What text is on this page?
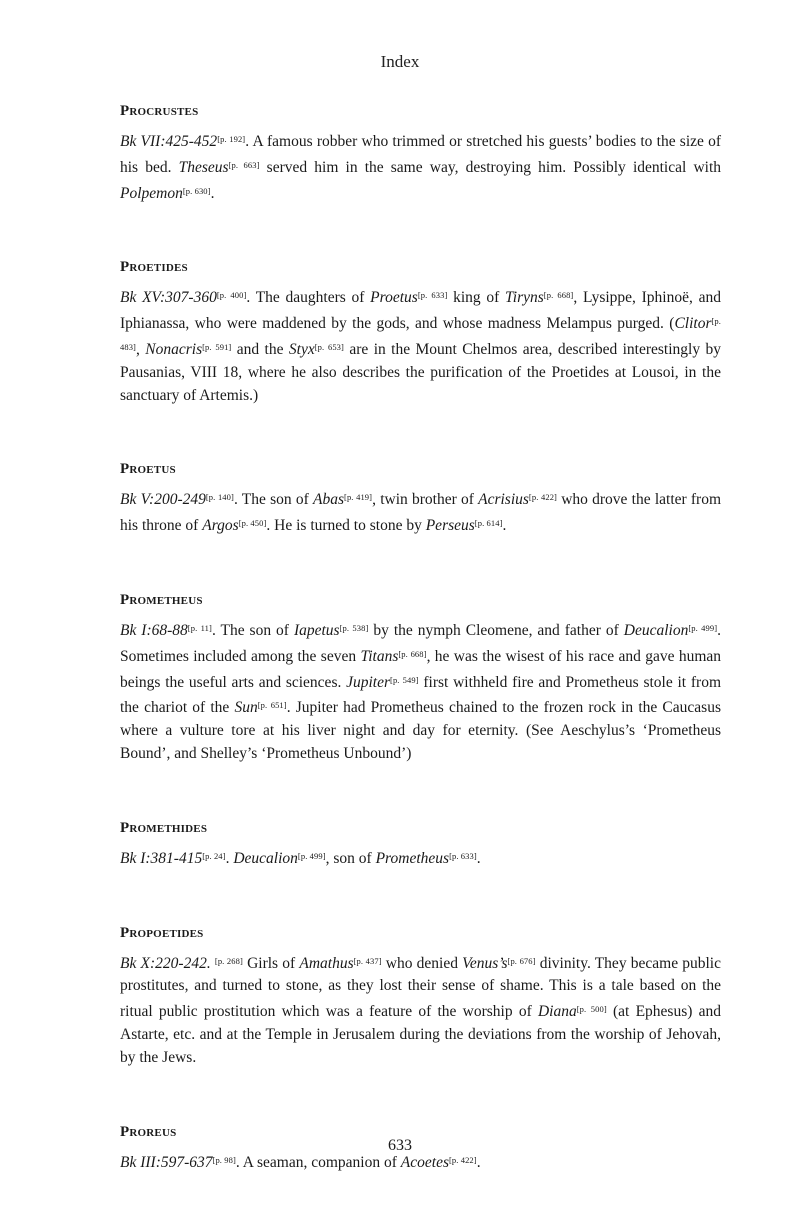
Index
Procrustes

Bk VII:425-452[p. 192]. A famous robber who trimmed or stretched his guests’ bodies to the size of his bed. Theseus[p. 663] served him in the same way, destroying him. Possibly identical with Polpemon[p. 630].

Proetides

Bk XV:307-360[p. 400]. The daughters of Proetus[p. 633] king of Tiryns[p. 668], Lysippe, Iphinoë, and Iphianassa, who were maddened by the gods, and whose madness Melampus purged. (Clitor[p. 483], Nonacris[p. 591] and the Styx[p. 653] are in the Mount Chelmos area, described interestingly by Pausanias, VIII 18, where he also describes the purification of the Proetides at Lousoi, in the sanctuary of Artemis.)

Proetus

Bk V:200-249[p. 140]. The son of Abas[p. 419], twin brother of Acrisius[p. 422] who drove the latter from his throne of Argos[p. 450]. He is turned to stone by Perseus[p. 614].

Prometheus

Bk I:68-88[p. 11]. The son of Iapetus[p. 538] by the nymph Cleomene, and father of Deucalion[p. 499]. Sometimes included among the seven Titans[p. 668], he was the wisest of his race and gave human beings the useful arts and sciences. Jupiter[p. 549] first withheld fire and Prometheus stole it from the chariot of the Sun[p. 651]. Jupiter had Prometheus chained to the frozen rock in the Caucasus where a vulture tore at his liver night and day for eternity. (See Aeschylus’s ‘Prometheus Bound’, and Shelley’s ‘Prometheus Unbound’)

Promethides

Bk I:381-415[p. 24]. Deucalion[p. 499], son of Prometheus[p. 633].

Propoetides

Bk X:220-242. [p. 268] Girls of Amathus[p. 437] who denied Venus’s[p. 676] divinity. They became public prostitutes, and turned to stone, as they lost their sense of shame. This is a tale based on the ritual public prostitution which was a feature of the worship of Diana[p. 500] (at Ephesus) and Astarte, etc. and at the Temple in Jerusalem during the deviations from the worship of Jehovah, by the Jews.

Proreus

Bk III:597-637[p. 98]. A seaman, companion of Acoetes[p. 422].

633
